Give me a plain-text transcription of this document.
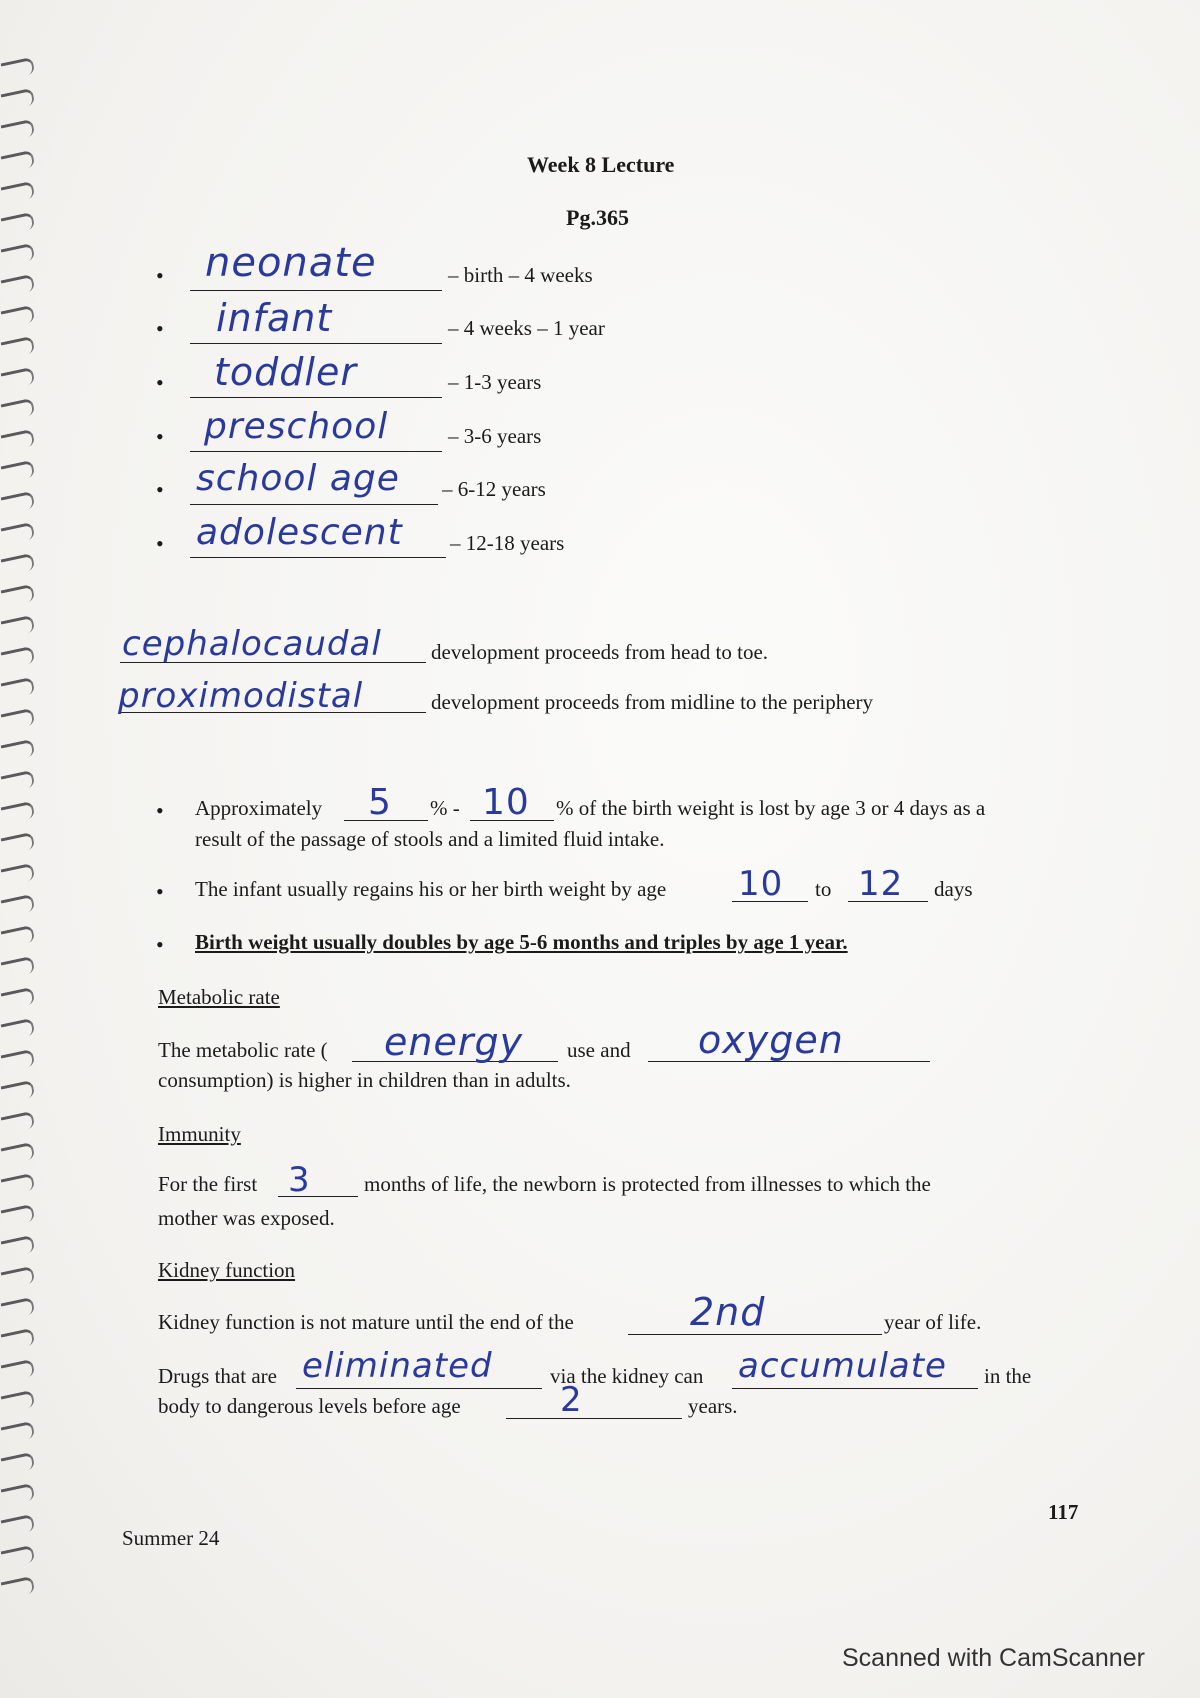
Week 8 Lecture
Pg.365
• neonate	– birth – 4 weeks
• infant	– 4 weeks – 1 year
• toddler	– 1-3 years
• preschool	– 3-6 years
• school age – 6-12 years
• adolescent – 12-18 years
cephalocaudal development proceeds from head to toe.
proximodistal	development proceeds from midline to the periphery
• Approximately 5 % - 10 % of the birth weight is lost by age 3 or 4 days as a
result of the passage of stools and a limited fluid intake.
• The infant usually regains his or her birth weight by age 10 to 12 days
• Birth weight usually doubles by age 5-6 months and triples by age 1 year.
Metabolic rate
The metabolic rate ( energy use and oxygen
consumption) is higher in children than in adults.
Immunity
For the first 3	months of life, the newborn is protected from illnesses to which the
mother was exposed.
Kidney function
Kidney function is not mature until the end of the	2nd	year of life.
Drugs that are eliminated	via the kidney can accumulate in the
body to dangerous levels before age	2	years.
117
Summer 24
Scanned with CamScanner
